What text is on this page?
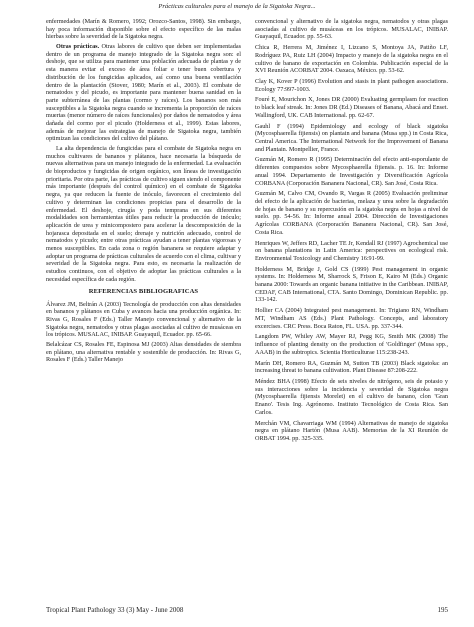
Prácticas culturales para el manejo de la Sigatoka Negra...

enfermedades (Marín & Romero, 1992; Orozco-Santos, 1998). Sin embargo, hay poca información disponible sobre el efecto específico de las malas hierbas sobre la severidad de la Sigatoka negra.

Otras prácticas. Otras labores de cultivo que deben ser implementadas dentro de un programa de manejo integrado de la Sigatoka negra son: el deshoje, que se utiliza para mantener una población adecuada de plantas y de esta manera evitar el exceso de área foliar e tener buen cobertura y distribución de los fungicidas aplicados, así como una buena ventilación dentro de la plantación (Stover, 1980; Marín et al., 2003). El combate de nematodos y del picudo, es importante para mantener buena sanidad en la parte subterránea de las plantas (cormo y raíces). Los bananos son más susceptibles a la Sigatoka negra cuando se incrementa la proporción de raíces muertas (menor número de raíces funcionales) por daños de nematodos y área dañada del cormo por el picudo (Holderness et al., 1999). Estas labores, además de mejorar las estrategias de manejo de Sigatoka negra, también optimizan las condiciones del cultivo del plátano.

La alta dependencia de fungicidas para el combate de Sigatoka negra en muchos cultivares de bananos y plátanos, hace necesaria la búsqueda de nuevas alternativas para un manejo integrado de la enfermedad. La evaluación de bioproductos y fungicidas de origen orgánico, son líneas de investigación prioritaria. Por otra parte, las prácticas de cultivo siguen siendo el componente más importante (después del control químico) en el combate de Sigatoka negra, ya que reducen la fuente de inóculo, favorecen el crecimiento del cultivo y determinan las condiciones propicias para el desarrollo de la enfermedad. El deshoje, cirugía y poda temprana en sus diferentes modalidades son herramientas útiles para reducir la producción de inóculo; aplicación de urea y minicompostero para acelerar la descomposición de la hojarasca depositada en el suelo; drenaje y nutrición adecuado, control de nematodos y picudo; entre otras prácticas ayudan a tener plantas vigorosas y menos susceptibles. En cada zona o región bananera se requiere adaptar y adoptar un programa de prácticas culturales de acuerdo con el clima, cultivar y severidad de la Sigatoka negra. Para esto, es necesaria la realización de estudios continuos, con el objetivo de adoptar las prácticas culturales a la necesidad específica de cada región.

REFERENCIAS BIBLIOGRAFICAS

Álvarez JM, Beltrán A (2003) Tecnología de producción con altas densidades en bananos y plátanos en Cuba y avances hacia una producción orgánica. In: Rivas G, Rosales F (Eds.) Taller Manejo convencional y alternativo de la Sigatoka negra, nematodos y otras plagas asociadas al cultivo de musáceas en los trópicos. MUSALAC, INIBAP. Guayaquil, Ecuador. pp. 65-66.

Belalcázar CS, Rosales FE, Espinosa MJ (2003) Altas densidades de siembra en plátano, una alternativa rentable y sostenible de producción. In: Rivas G, Rosales F (Eds.) Taller Manejo

convencional y alternativo de la sigatoka negra, nematodos y otras plagas asociadas al cultivo de musáceas en los trópicos. MUSALAC, INIBAP. Guayaquil, Ecuador. pp. 55-63.

Chica R, Herrera M, Jiménez I, Lizcano S, Montoya JA, Patiño LF, Rodríguez PA, Ruiz LH (2004) Impacto y manejo de la sigatoka negra en el cultivo de banano de exportación en Colombia. Publicación especial de la XVI Reunión ACORBAT 2004. Oaxaca, México. pp. 53-62.

Clay K, Kover P (1996) Evolution and stasis in plant pathogen associations. Ecology 77:997-1003.

Fouré E, Mourichon X, Jones DR (2000) Evaluating germplasm for reaction to black leaf streak. In: Jones DR (Ed.) Diseases of Banana, Abacá and Enset. Wallingford, UK. CAB International. pp. 62-67.

Gauhl F (1994) Epidemiology and ecology of black sigatoka (Mycosphaerella fijiensis) on plantain and banana (Musa spp.) in Costa Rica, Central America. The International Network for the Improvement of Banana and Plantain. Montpellier, France.

Guzmán M, Romero R (1995) Determinación del efecto anti-esporulante de diferentes compuestos sobre Mycosphaerella fijiensis. p. 16. In: Informe anual 1994. Departamento de Investigación y Diversificación Agrícola CORBANA (Corporación Bananera Nacional, CR). San José, Costa Rica.

Guzmán M, Calvo CM, Ovando R, Vargas R (2005) Evaluación preliminar del efecto de la aplicación de bacterias, melaza y urea sobre la degradación de hojas de banano y su repercusión en la sigatoka negra en hojas a nivel de suelo. pp. 54-56. In: Informe anual 2004. Dirección de Investigaciones Agrícolas CORBANA (Corporación Bananera Nacional, CR). San José, Costa Rica.

Henriques W, Jeffers RD, Lacher TE Jr, Kendall RJ (1997) Agrochemical use on banana plantations in Latin America: perspectives on ecological risk. Environmental Toxicology and Chemistry 16:91-99.

Holderness M, Bridge J, Gold CS (1999) Pest management in organic systems. In: Holderness M, Sharrock S, Frison E, Kairo M (Eds.) Organic banana 2000: Towards an organic banana initiative in the Caribbean. INIBAP, CEDAF, CAB International, CTA. Santo Domingo, Dominican Republic. pp. 133-142.

Hollier CA (2004) Integrated pest management. In: Trigiano RN, Windham MT, Windham AS (Eds.) Plant Pathology. Concepts, and laboratory excercises. CRC Press. Boca Raton, FL. USA. pp. 337-344.

Langdom PW, Whiley AW, Mayer RJ, Pegg KG, Smith MK (2008) The influence of planting density on the production of 'Goldfinger' (Musa spp., AAAB) in the subtropics. Scientia Horticulturae 115:238-243.

Marín DH, Romero RA, Guzmán M, Sutton TB (2003) Black sigatoka: an increasing threat to banana cultivation. Plant Disease 87:208-222.

Méndez BHA (1998) Efecto de seis niveles de nitrógeno, seis de potasio y sus interacciones sobre la incidencia y severidad de Sigatoka negra (Mycosphaerella fijiensis Morelet) en el cultivo de banano, clon 'Gran Enano'. Tesis Ing. Agrónomo. Instituto Tecnológico de Costa Rica. San Carlos.

Merchán VM, Chavarriaga WM (1994) Alternativas de manejo de sigatoka negra en plátano Hartón (Musa AAB). Memorias de la XI Reunión de ORBAT 1994. pp. 325-335.

Tropical Plant Pathology 33 (3) May - June 2008	195
